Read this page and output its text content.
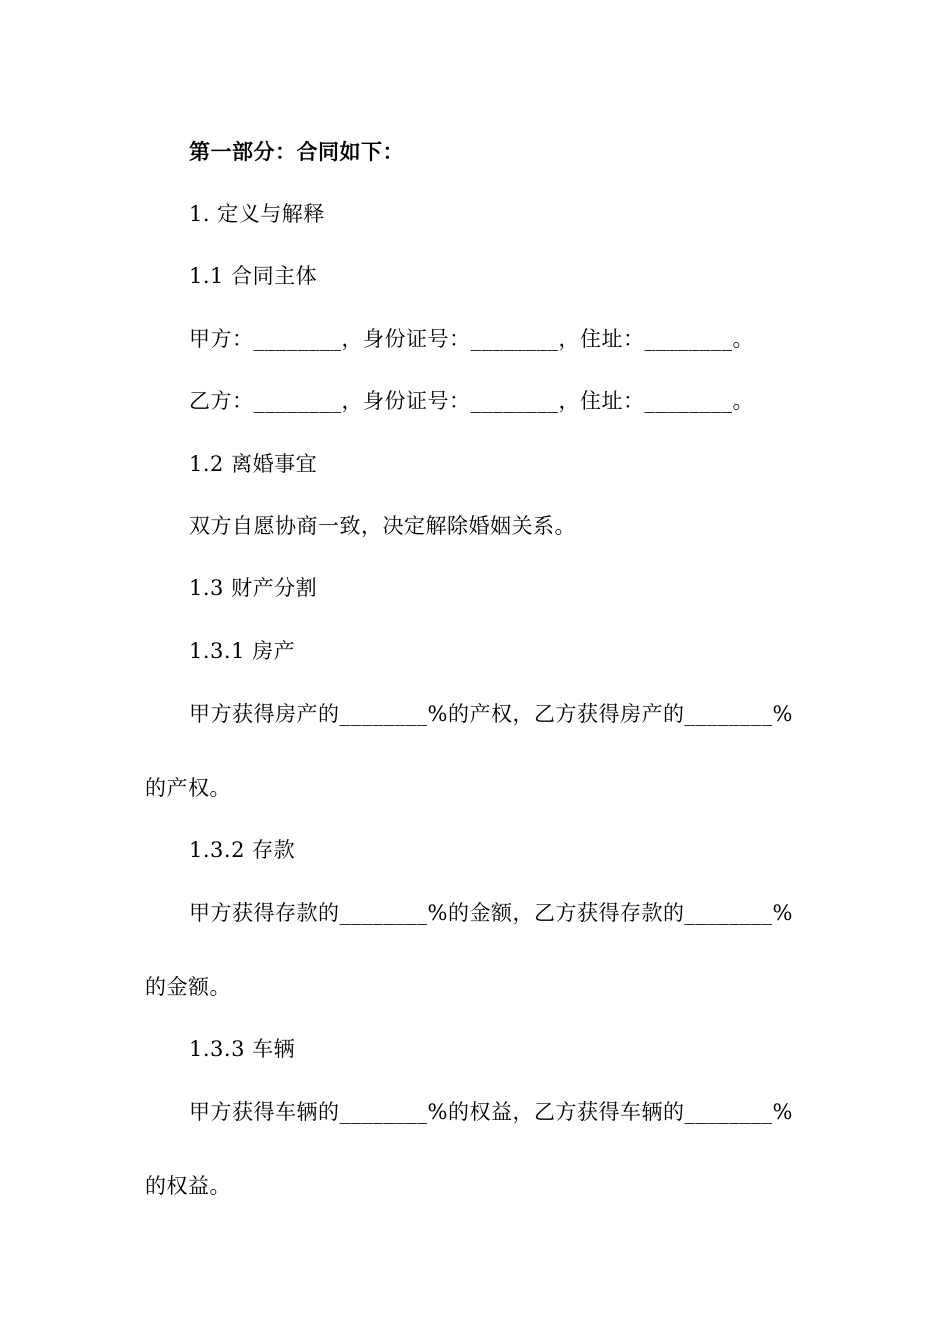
第一部分：合同如下：
1. 定义与解释
1.1 合同主体
甲方：________，身份证号：________，住址：________。
乙方：________，身份证号：________，住址：________。
1.2 离婚事宜
双方自愿协商一致，决定解除婚姻关系。
1.3 财产分割
1.3.1 房产
甲方获得房产的________%的产权，乙方获得房产的________%
的产权。
1.3.2 存款
甲方获得存款的________%的金额，乙方获得存款的________%
的金额。
1.3.3 车辆
甲方获得车辆的________%的权益，乙方获得车辆的________%
的权益。
